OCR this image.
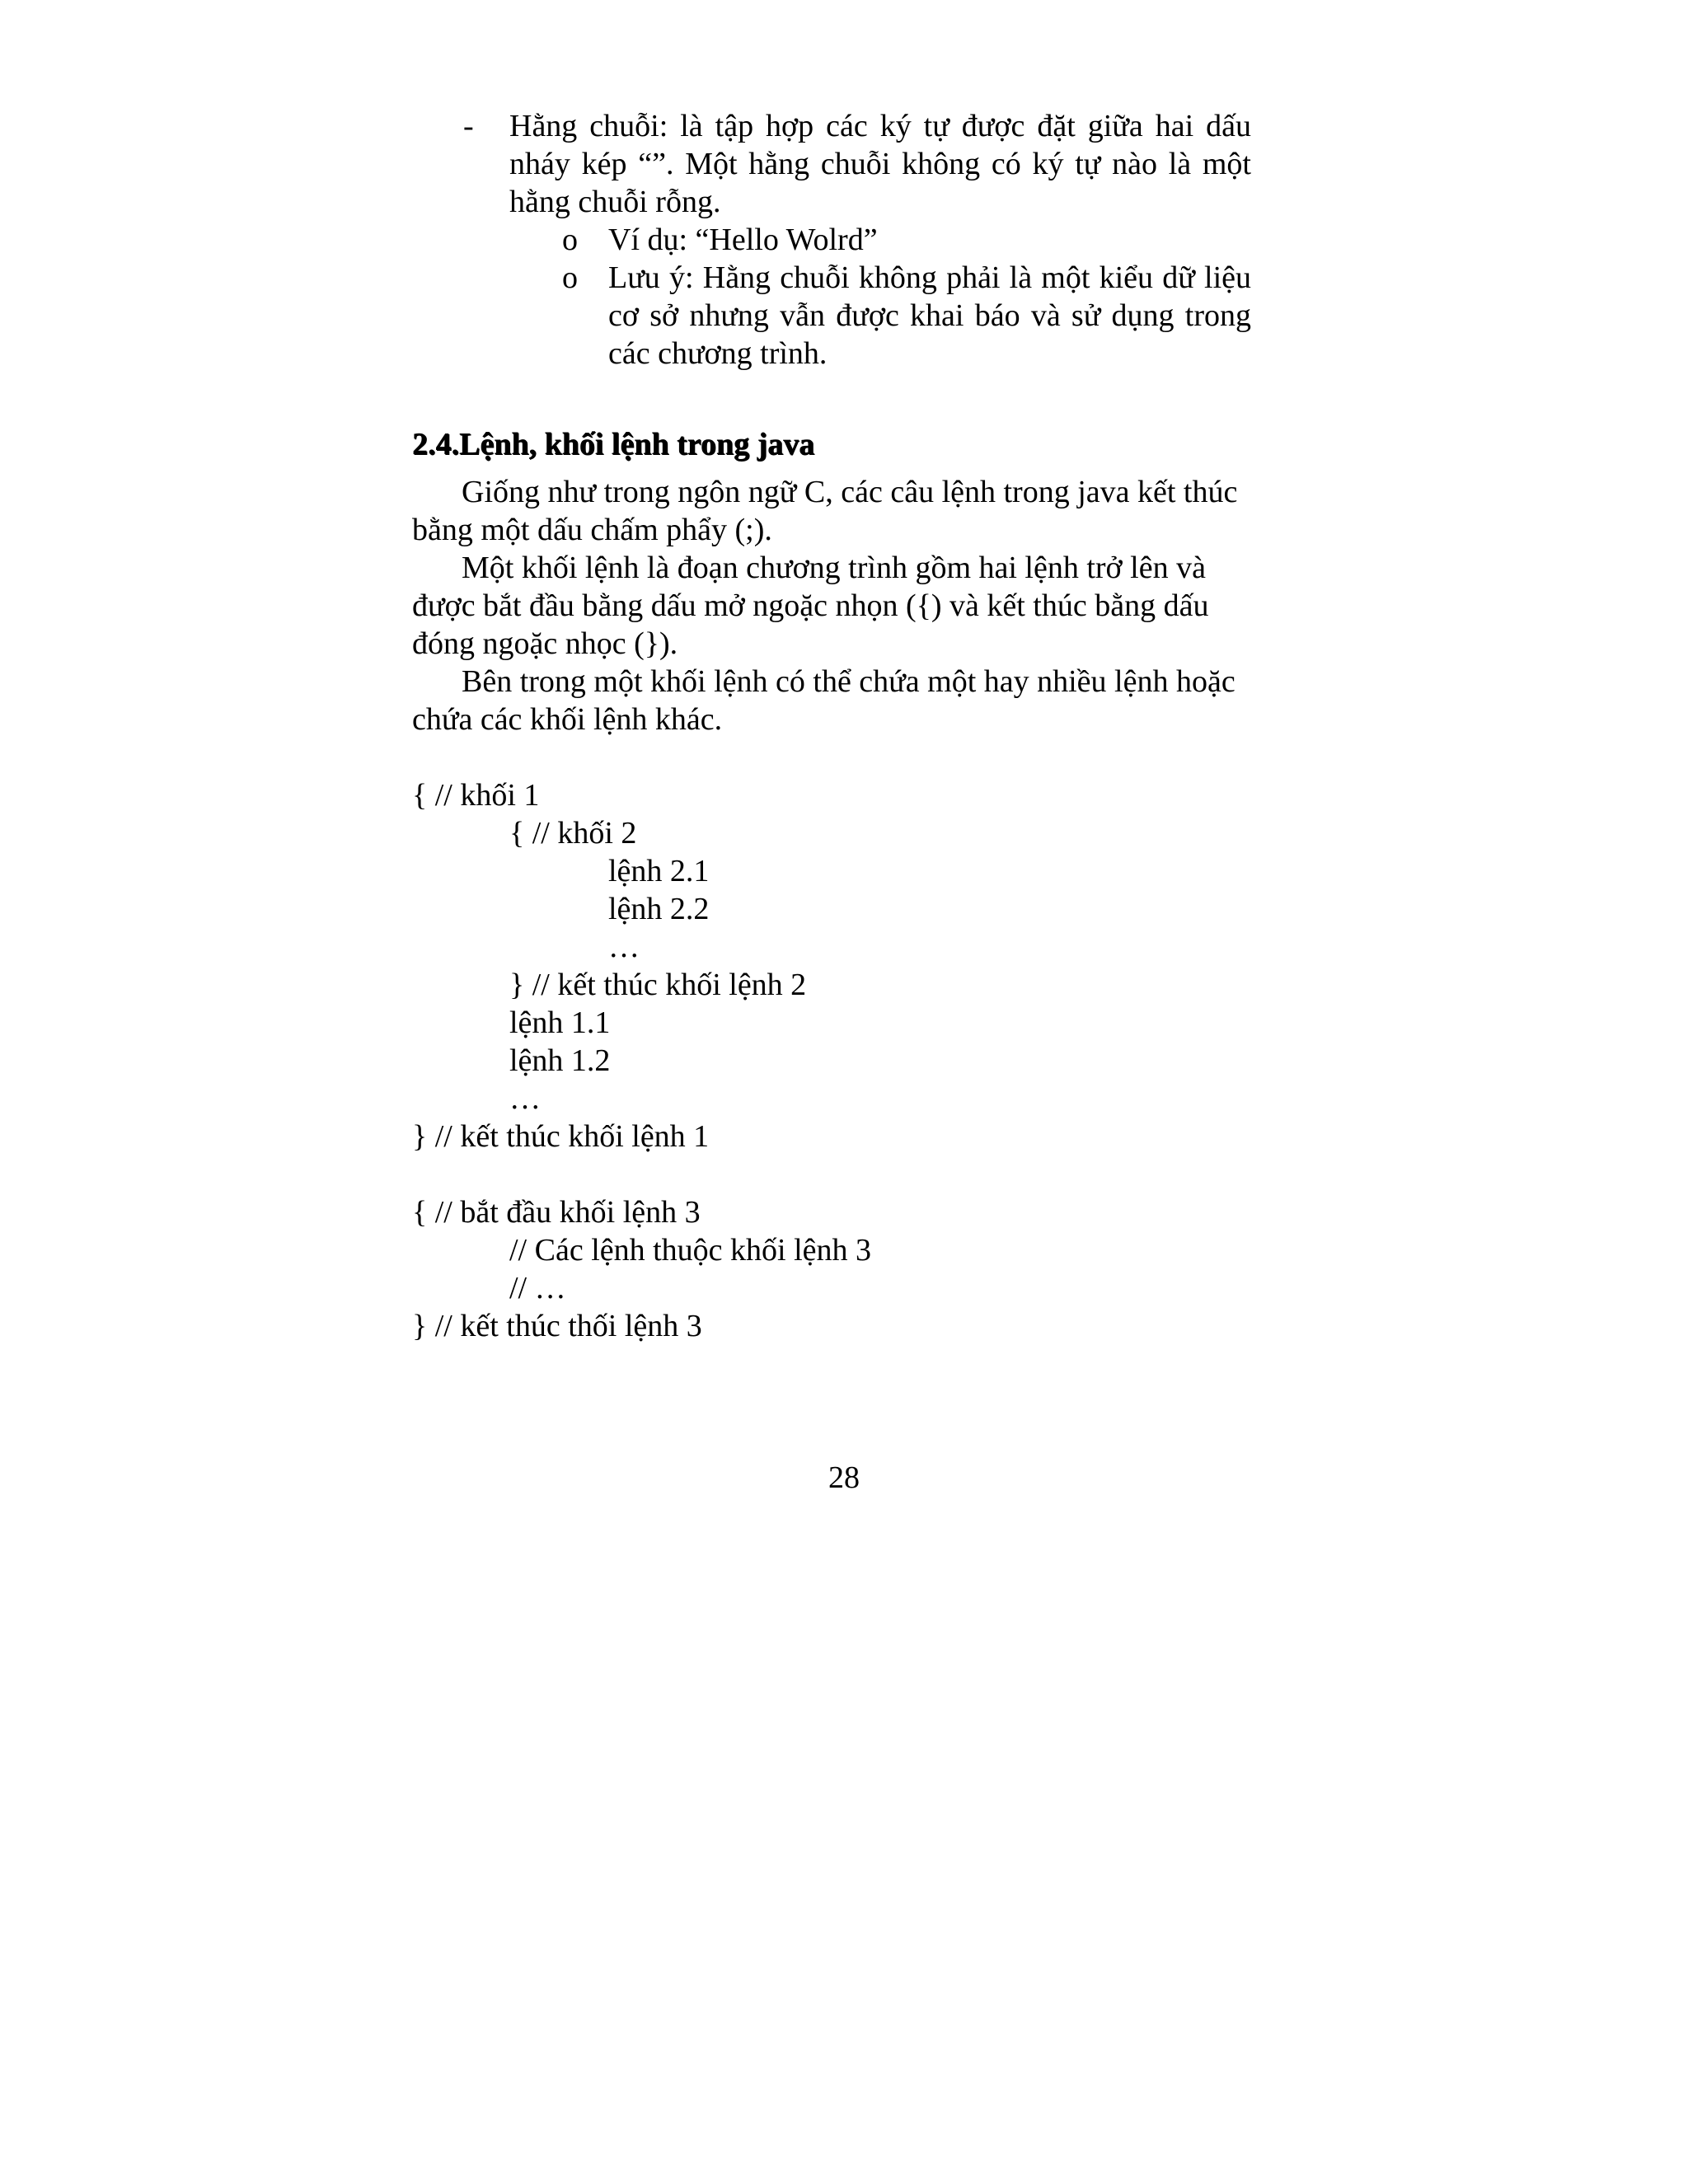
- Hằng chuỗi: là tập hợp các ký tự được đặt giữa hai dấu nháy kép “”. Một hằng chuỗi không có ký tự nào là một hằng chuỗi rỗng.
o Ví dụ: “Hello Wolrd”
o Lưu ý: Hằng chuỗi không phải là một kiểu dữ liệu cơ sở nhưng vẫn được khai báo và sử dụng trong các chương trình.
2.4.Lệnh, khối lệnh trong java
Giống như trong ngôn ngữ C, các câu lệnh trong java kết thúc bằng một dấu chấm phẩy (;).
Một khối lệnh là đoạn chương trình gồm hai lệnh trở lên và được bắt đầu bằng dấu mở ngoặc nhọn ({) và kết thúc bằng dấu đóng ngoặc nhọc (}).
Bên trong một khối lệnh có thể chứa một hay nhiều lệnh hoặc chứa các khối lệnh khác.
{ // khối 1
{ // khối 2
lệnh 2.1
lệnh 2.2
…
} // kết thúc khối lệnh 2
lệnh 1.1
lệnh 1.2
…
} // kết thúc khối lệnh 1
{ // bắt đầu khối lệnh 3
// Các lệnh thuộc khối lệnh 3
// …
} // kết thúc thối lệnh 3
28
